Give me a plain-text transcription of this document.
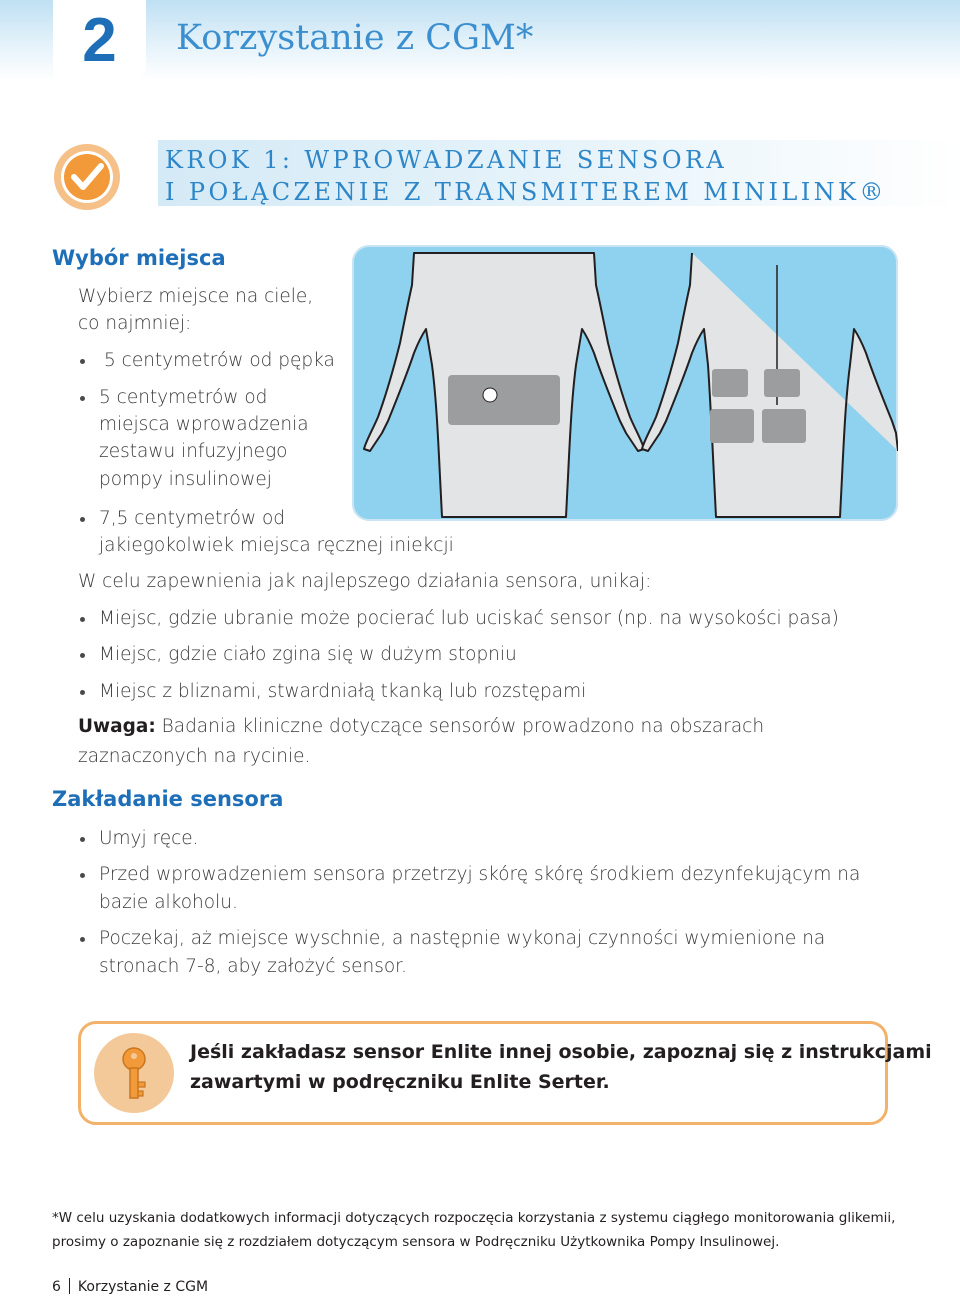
2	Korzystanie z CGM*
KROK 1: WPROWADZANIE SENSORA
I POŁĄCZENIE Z TRANSMITEREM MINILINK®
Wybór miejsca
Wybierz miejsce na ciele,
co najmniej:
5 centymetrów od pępka
5 centymetrów od
miejsca wprowadzenia
zestawu infuzyjnego
pompy insulinowej
7,5 centymetrów od
jakiegokolwiek miejsca ręcznej iniekcji
W celu zapewnienia jak najlepszego działania sensora, unikaj:
Miejsc, gdzie ubranie może pocierać lub uciskać sensor (np. na wysokości pasa)
Miejsc, gdzie ciało zgina się w dużym stopniu
Miejsc z bliznami, stwardniałą tkanką lub rozstępami
Uwaga: Badania kliniczne dotyczące sensorów prowadzono na obszarach
zaznaczonych na rycinie.
Zakładanie sensora
Umyj ręce.
Przed wprowadzeniem sensora przetrzyj skórę skórę środkiem dezynfekującym na
bazie alkoholu.
Poczekaj, aż miejsce wyschnie, a następnie wykonaj czynności wymienione na
stronach 7-8, aby założyć sensor.
Jeśli zakładasz sensor Enlite innej osobie, zapoznaj się z instrukcjami
zawartymi w podręczniku Enlite Serter.
*W celu uzyskania dodatkowych informacji dotyczących rozpoczęcia korzystania z systemu ciągłego monitorowania glikemii,
prosimy o zapoznanie się z rozdziałem dotyczącym sensora w Podręczniku Użytkownika Pompy Insulinowej.
6 Korzystanie z CGM
